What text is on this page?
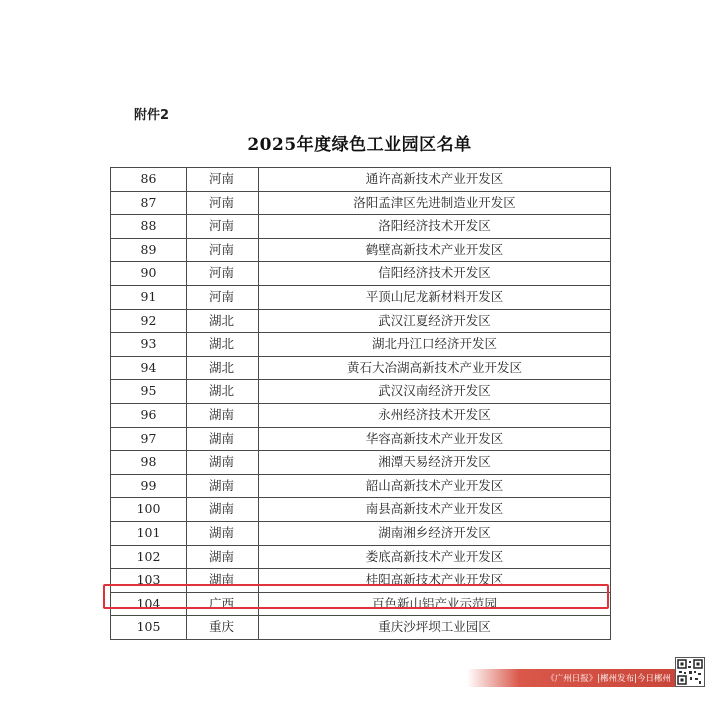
附件2
2025年度绿色工业园区名单
86	河南	通许高新技术产业开发区
87	河南	洛阳孟津区先进制造业开发区
88	河南	洛阳经济技术开发区
89	河南	鹤壁高新技术产业开发区
90	河南	信阳经济技术开发区
91	河南	平顶山尼龙新材料开发区
92	湖北	武汉江夏经济开发区
93	湖北	湖北丹江口经济开发区
94	湖北	黄石大冶湖高新技术产业开发区
95	湖北	武汉汉南经济开发区
96	湖南	永州经济技术开发区
97	湖南	华容高新技术产业开发区
98	湖南	湘潭天易经济开发区
99	湖南	韶山高新技术产业开发区
100	湖南	南县高新技术产业开发区
101	湖南	湖南湘乡经济开发区
102	湖南	娄底高新技术产业开发区
103	湖南	桂阳高新技术产业开发区
104	广西	百色新山铝产业示范园
105	重庆	重庆沙坪坝工业园区
《广州日报》|郴州发布|今日郴州
